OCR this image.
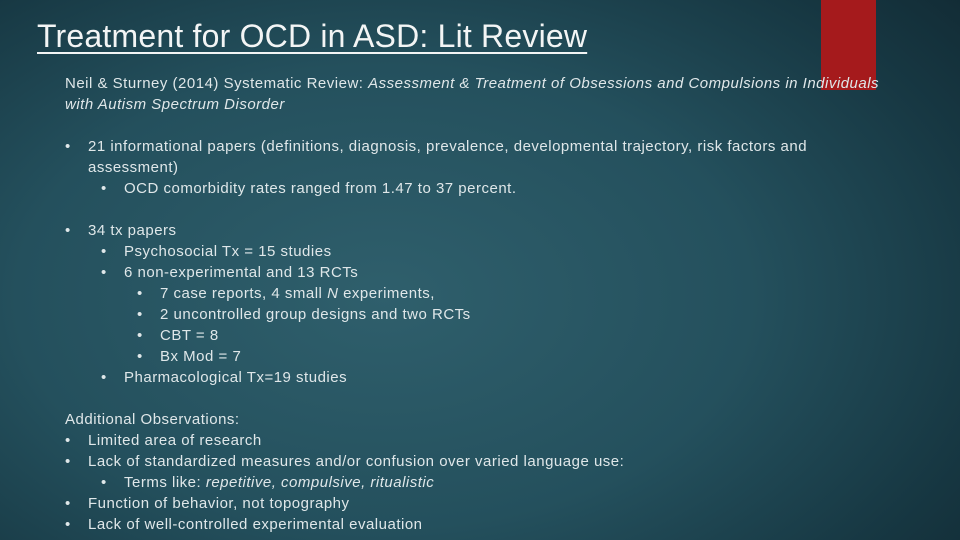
Treatment for OCD in ASD: Lit Review

Neil & Sturney (2014) Systematic Review: Assessment & Treatment of Obsessions and Compulsions in Individuals with Autism Spectrum Disorder

• 21 informational papers (definitions, diagnosis, prevalence, developmental trajectory, risk factors and assessment)
• OCD comorbidity rates ranged from 1.47 to 37 percent.
• 34 tx papers
• Psychosocial Tx = 15 studies
• 6 non-experimental and 13 RCTs
• 7 case reports, 4 small N experiments,
• 2 uncontrolled group designs and two RCTs
• CBT = 8
• Bx Mod = 7
• Pharmacological Tx=19 studies

Additional Observations:

• Limited area of research
• Lack of standardized measures and/or confusion over varied language use:
• Terms like: repetitive, compulsive, ritualistic
• Function of behavior, not topography
• Lack of well-controlled experimental evaluation
